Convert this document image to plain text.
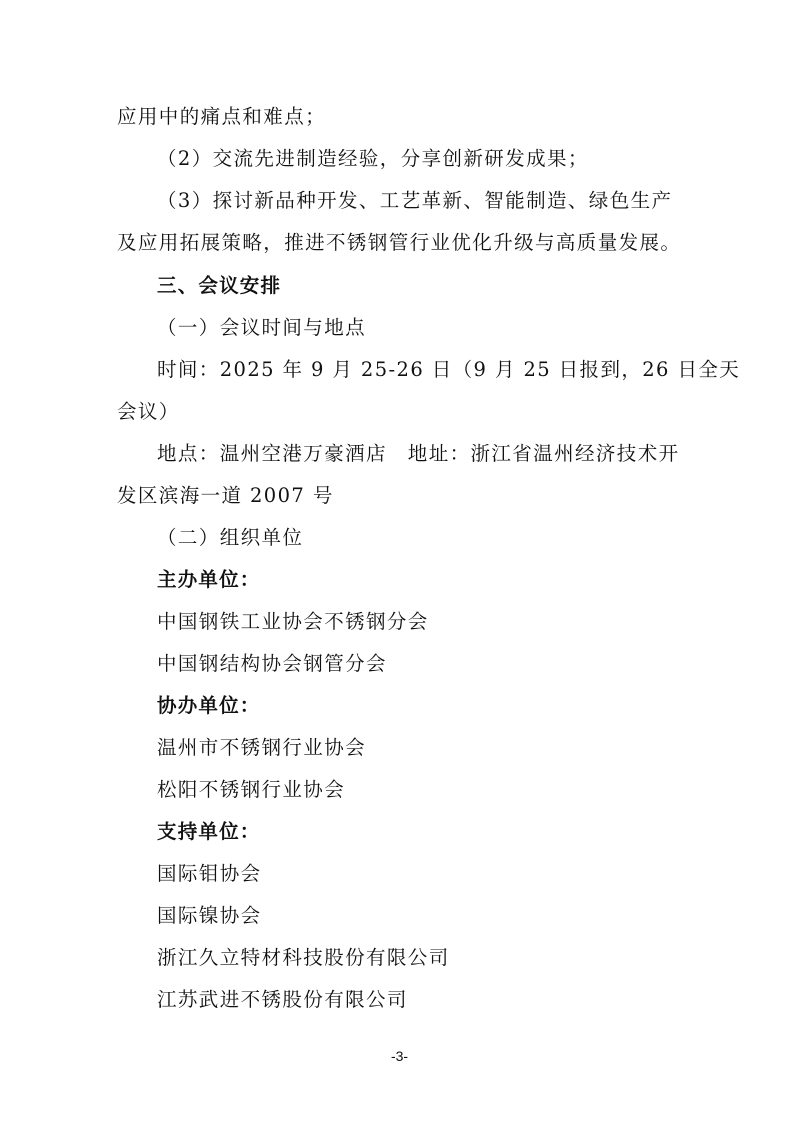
应用中的痛点和难点；
（2）交流先进制造经验，分享创新研发成果；
（3）探讨新品种开发、工艺革新、智能制造、绿色生产
及应用拓展策略，推进不锈钢管行业优化升级与高质量发展。
三、会议安排
（一）会议时间与地点
时间：2025 年 9 月 25-26 日（9 月 25 日报到，26 日全天
会议）
地点：温州空港万豪酒店　地址：浙江省温州经济技术开
发区滨海一道 2007 号
（二）组织单位
主办单位：
中国钢铁工业协会不锈钢分会
中国钢结构协会钢管分会
协办单位：
温州市不锈钢行业协会
松阳不锈钢行业协会
支持单位：
国际钼协会
国际镍协会
浙江久立特材科技股份有限公司
江苏武进不锈股份有限公司
-3-
